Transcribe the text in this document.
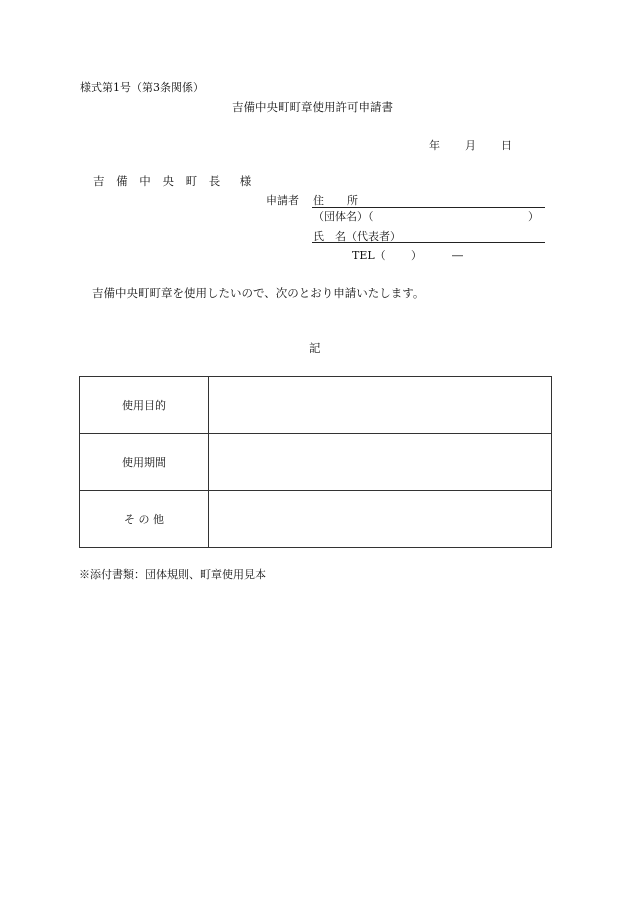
様式第1号（第3条関係）
吉備中央町町章使用許可申請書
年 月 日
吉 備 中 央 町 長　様
申請者 住　所
（団体名）（	）
氏　名（代表者）
TEL（ ）	―
吉備中央町町章を使用したいので、次のとおり申請いたします。
記
使用目的	
使用期間	
そ の 他	
※添付書類：団体規則、町章使用見本
